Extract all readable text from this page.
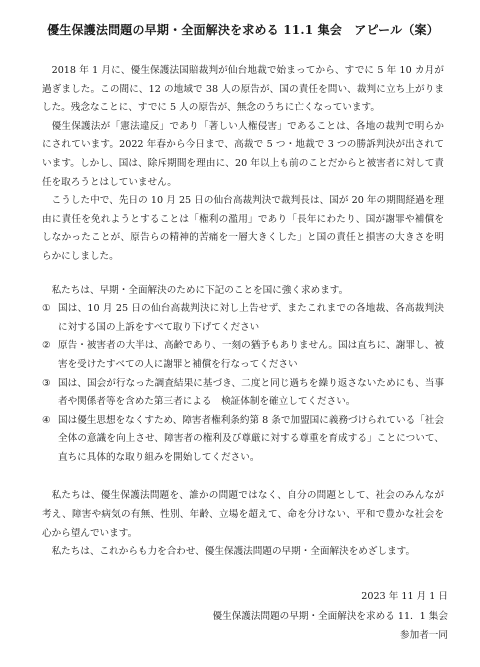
優生保護法問題の早期・全面解決を求める 11.1 集会　アピール（案）

2018 年 1 月に、優生保護法国賠裁判が仙台地裁で始まってから、すでに 5 年 10 カ月が過ぎました。この間に、12 の地域で 38 人の原告が、国の責任を問い、裁判に立ち上がりました。残念なことに、すでに 5 人の原告が、無念のうちに亡くなっています。

優生保護法が「憲法違反」であり「著しい人権侵害」であることは、各地の裁判で明らかにされています。2022 年春から今日まで、高裁で 5 つ・地裁で 3 つの勝訴判決が出されています。しかし、国は、除斥期間を理由に、20 年以上も前のことだからと被害者に対して責任を取ろうとはしていません。

こうした中で、先日の 10 月 25 日の仙台高裁判決で裁判長は、国が 20 年の期間経過を理由に責任を免れようとすることは「権利の濫用」であり「長年にわたり、国が謝罪や補償をしなかったことが、原告らの精神的苦痛を一層大きくした」と国の責任と損害の大きさを明らかにしました。

私たちは、早期・全面解決のために下記のことを国に強く求めます。

① 国は、10 月 25 日の仙台高裁判決に対し上告せず、またこれまでの各地裁、各高裁判決に対する国の上訴をすべて取り下げてください
② 原告・被害者の大半は、高齢であり、一刻の猶予もありません。国は直ちに、謝罪し、被害を受けたすべての人に謝罪と補償を行なってください
③ 国は、国会が行なった調査結果に基づき、二度と同じ過ちを繰り返さないためにも、当事者や関係者等を含めた第三者による　検証体制を確立してください。
④ 国は優生思想をなくすため、障害者権利条約第 8 条で加盟国に義務づけられている「社会全体の意識を向上させ、障害者の権利及び尊厳に対する尊重を育成する」ことについて、直ちに具体的な取り組みを開始してください。

私たちは、優生保護法問題を、誰かの問題ではなく、自分の問題として、社会のみんなが考え、障害や病気の有無、性別、年齢、立場を超えて、命を分けない、平和で豊かな社会を心から望んでいます。

私たちは、これからも力を合わせ、優生保護法問題の早期・全面解決をめざします。

2023 年 11 月 1 日
優生保護法問題の早期・全面解決を求める 11．1 集会
参加者一同
